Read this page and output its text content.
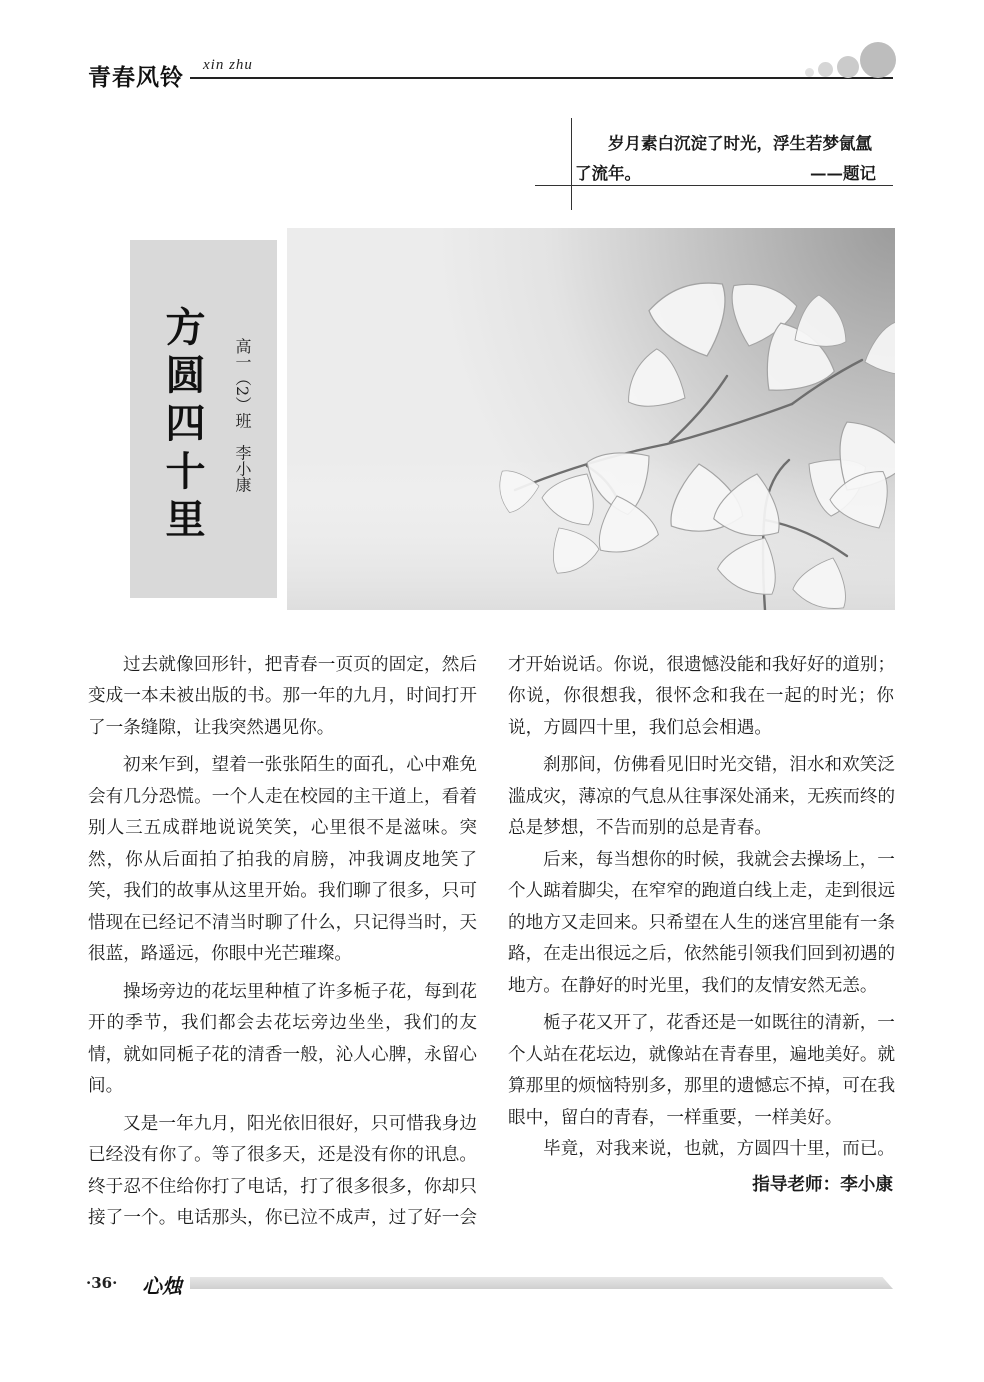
青春风铃 xin zhu
岁月素白沉淀了时光，浮生若梦氤氲
了流年。	——题记
方圆四十里	高一（2）班李小康
过去就像回形针，把青春一页页的固定，然后
变成一本未被出版的书。那一年的九月，时间打开
了一条缝隙，让我突然遇见你。
初来乍到，望着一张张陌生的面孔，心中难免
会有几分恐慌。一个人走在校园的主干道上，看着
别人三五成群地说说笑笑，心里很不是滋味。突
然，你从后面拍了拍我的肩膀，冲我调皮地笑了
笑，我们的故事从这里开始。我们聊了很多，只可
惜现在已经记不清当时聊了什么，只记得当时，天
很蓝，路遥远，你眼中光芒璀璨。
操场旁边的花坛里种植了许多栀子花，每到花
开的季节，我们都会去花坛旁边坐坐，我们的友
情，就如同栀子花的清香一般，沁人心脾，永留心
间。
又是一年九月，阳光依旧很好，只可惜我身边
已经没有你了。等了很多天，还是没有你的讯息。
终于忍不住给你打了电话，打了很多很多，你却只
接了一个。电话那头，你已泣不成声，过了好一会
才开始说话。你说，很遗憾没能和我好好的道别；
你说，你很想我，很怀念和我在一起的时光；你
说，方圆四十里，我们总会相遇。
刹那间，仿佛看见旧时光交错，泪水和欢笑泛
滥成灾，薄凉的气息从往事深处涌来，无疾而终的
总是梦想，不告而别的总是青春。
后来，每当想你的时候，我就会去操场上，一
个人踮着脚尖，在窄窄的跑道白线上走，走到很远
的地方又走回来。只希望在人生的迷宫里能有一条
路，在走出很远之后，依然能引领我们回到初遇的
地方。在静好的时光里，我们的友情安然无恙。
栀子花又开了，花香还是一如既往的清新，一
个人站在花坛边，就像站在青春里，遍地美好。就
算那里的烦恼特别多，那里的遗憾忘不掉，可在我
眼中，留白的青春，一样重要，一样美好。
毕竟，对我来说，也就，方圆四十里，而已。
指导老师：李小康
·36· 心烛
